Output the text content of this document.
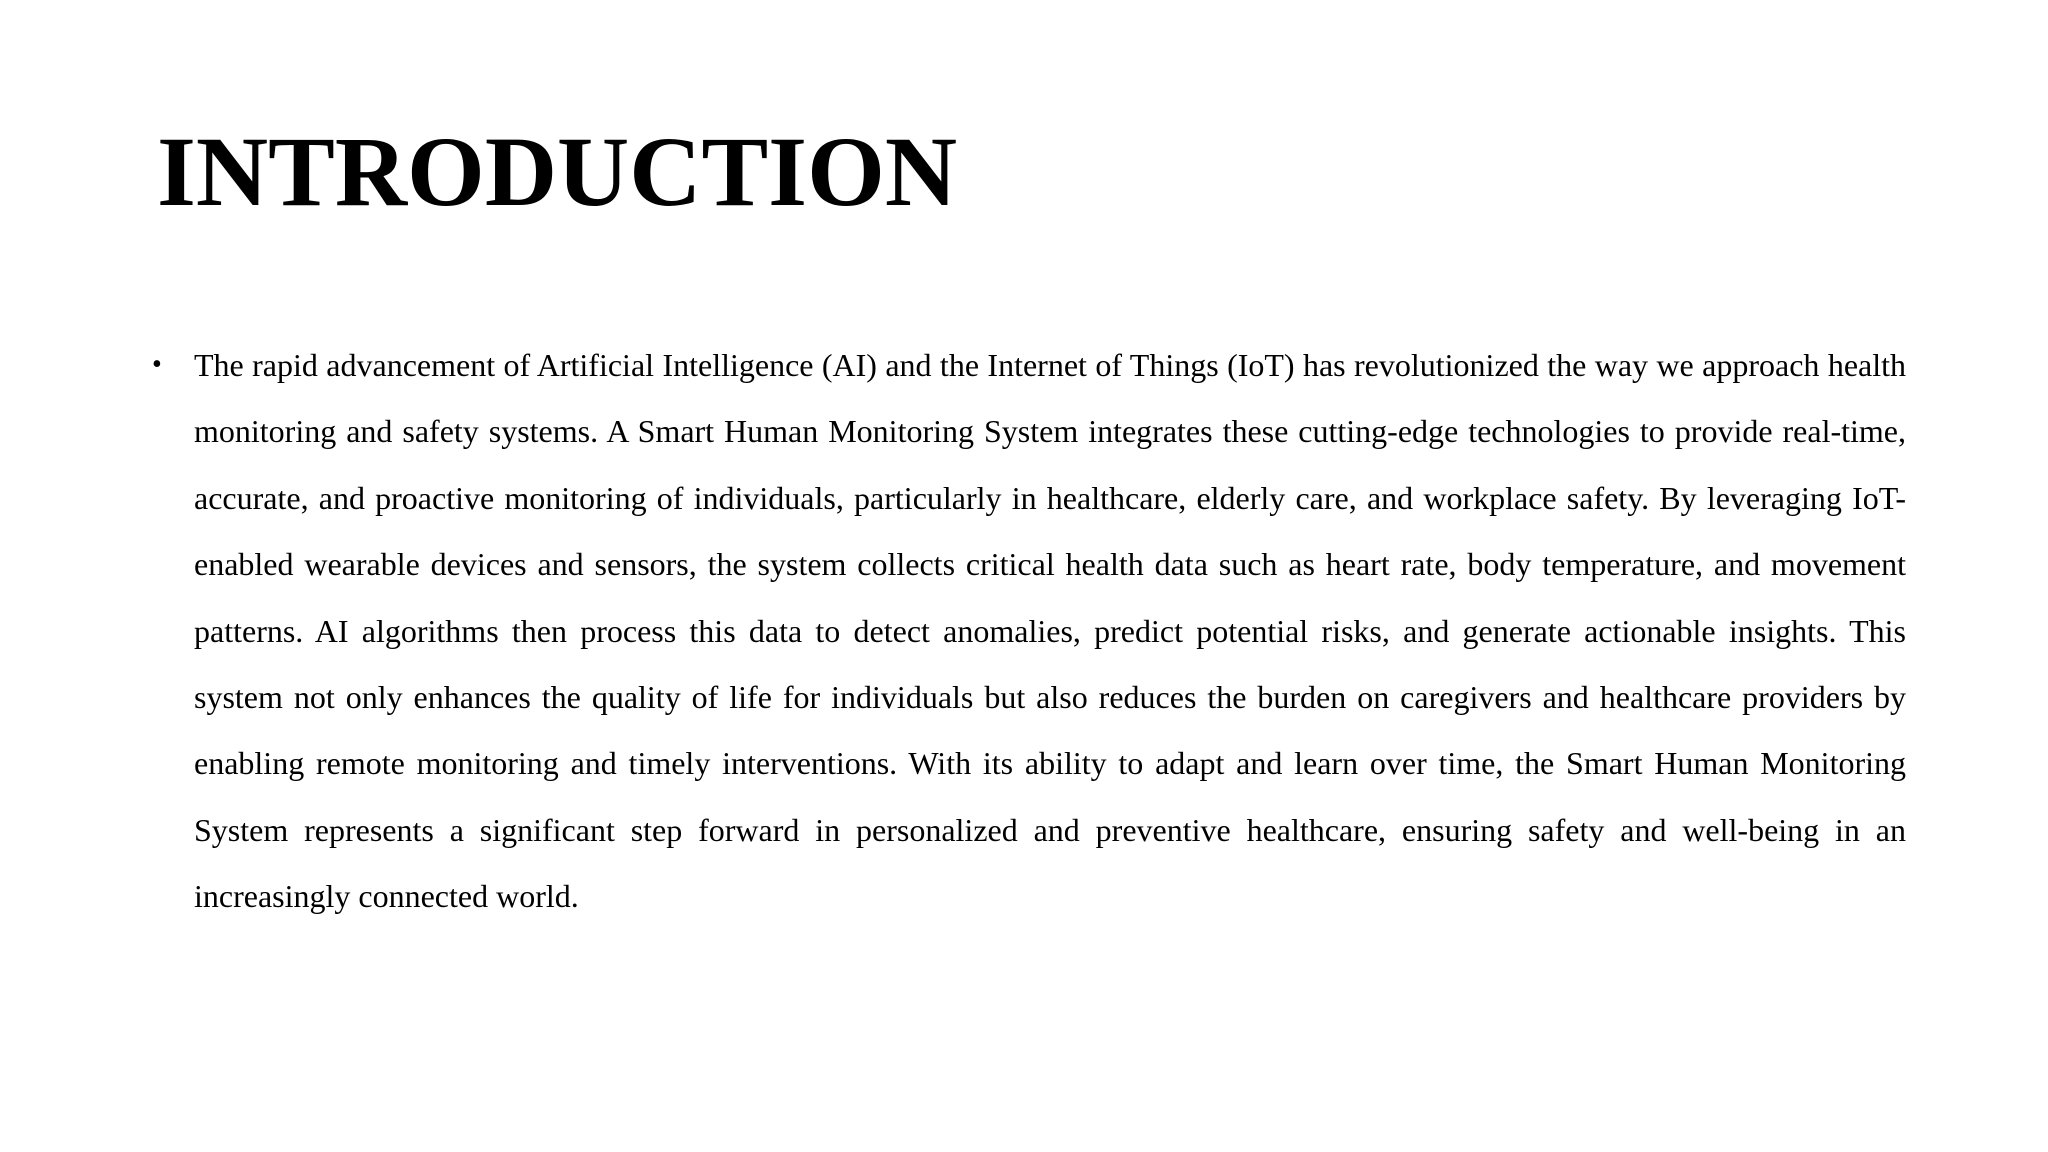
INTRODUCTION
• The rapid advancement of Artificial Intelligence (AI) and the Internet of Things (IoT) has revolutionized the way we approach health monitoring and safety systems. A Smart Human Monitoring System integrates these cutting-edge technologies to provide real-time, accurate, and proactive monitoring of individuals, particularly in healthcare, elderly care, and workplace safety. By leveraging IoT-enabled wearable devices and sensors, the system collects critical health data such as heart rate, body temperature, and movement patterns. AI algorithms then process this data to detect anomalies, predict potential risks, and generate actionable insights. This system not only enhances the quality of life for individuals but also reduces the burden on caregivers and healthcare providers by enabling remote monitoring and timely interventions. With its ability to adapt and learn over time, the Smart Human Monitoring System represents a significant step forward in personalized and preventive healthcare, ensuring safety and well-being in an increasingly connected world.
